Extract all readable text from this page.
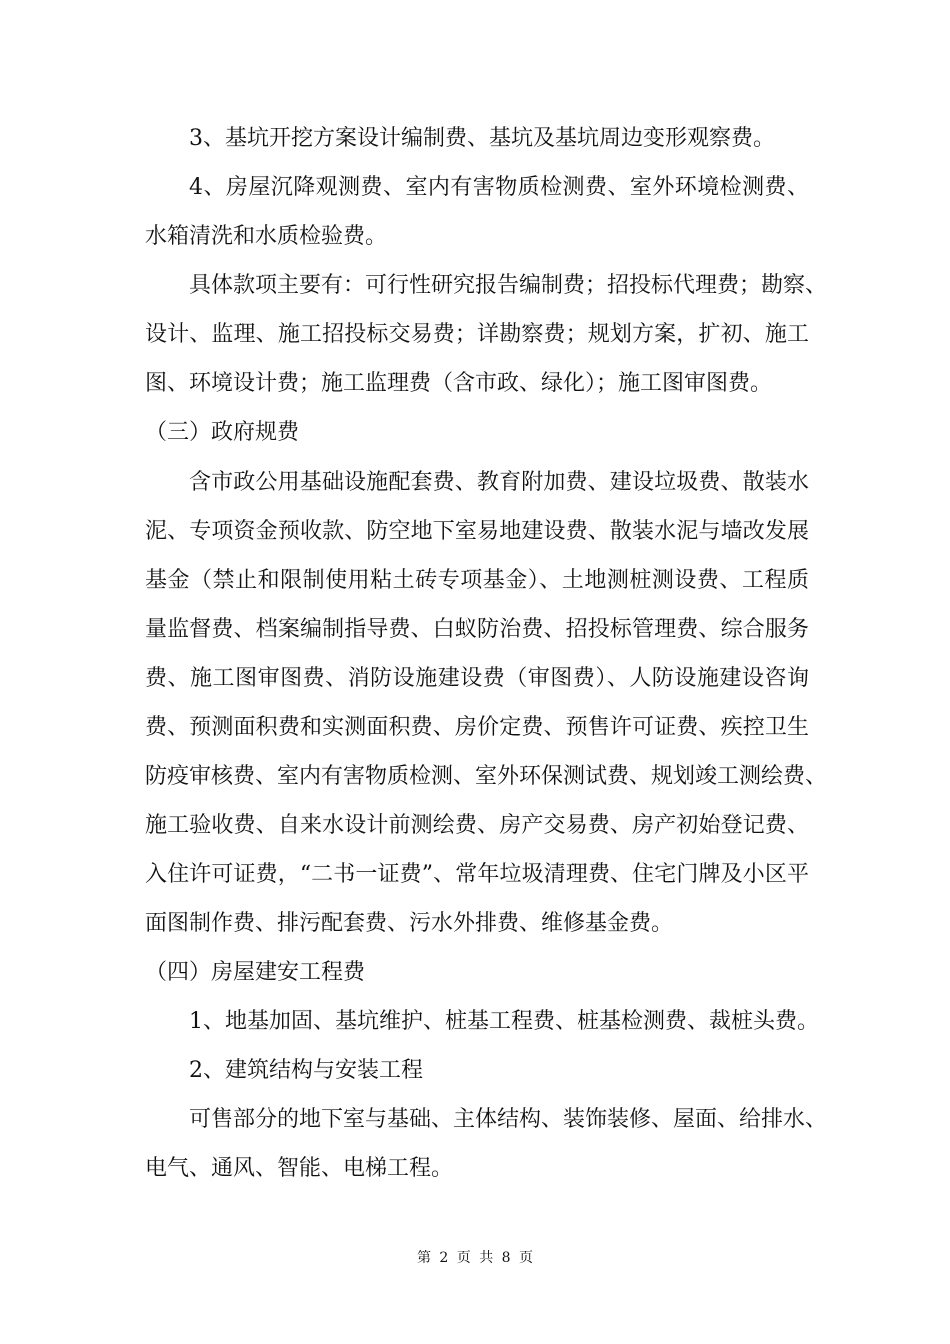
3、基坑开挖方案设计编制费、基坑及基坑周边变形观察费。
4、房屋沉降观测费、室内有害物质检测费、室外环境检测费、
水箱清洗和水质检验费。
具体款项主要有：可行性研究报告编制费；招投标代理费；勘察、
设计、监理、施工招投标交易费；详勘察费；规划方案，扩初、施工
图、环境设计费；施工监理费（含市政、绿化）；施工图审图费。
（三）政府规费
含市政公用基础设施配套费、教育附加费、建设垃圾费、散装水
泥、专项资金预收款、防空地下室易地建设费、散装水泥与墙改发展
基金（禁止和限制使用粘土砖专项基金）、土地测桩测设费、工程质
量监督费、档案编制指导费、白蚁防治费、招投标管理费、综合服务
费、施工图审图费、消防设施建设费（审图费）、人防设施建设咨询
费、预测面积费和实测面积费、房价定费、预售许可证费、疾控卫生
防疫审核费、室内有害物质检测、室外环保测试费、规划竣工测绘费、
施工验收费、自来水设计前测绘费、房产交易费、房产初始登记费、
入住许可证费，“二书一证费”、常年垃圾清理费、住宅门牌及小区平
面图制作费、排污配套费、污水外排费、维修基金费。
（四）房屋建安工程费
1、地基加固、基坑维护、桩基工程费、桩基检测费、裁桩头费。
2、建筑结构与安装工程
可售部分的地下室与基础、主体结构、装饰装修、屋面、给排水、
电气、通风、智能、电梯工程。
第 2 页 共 8 页
